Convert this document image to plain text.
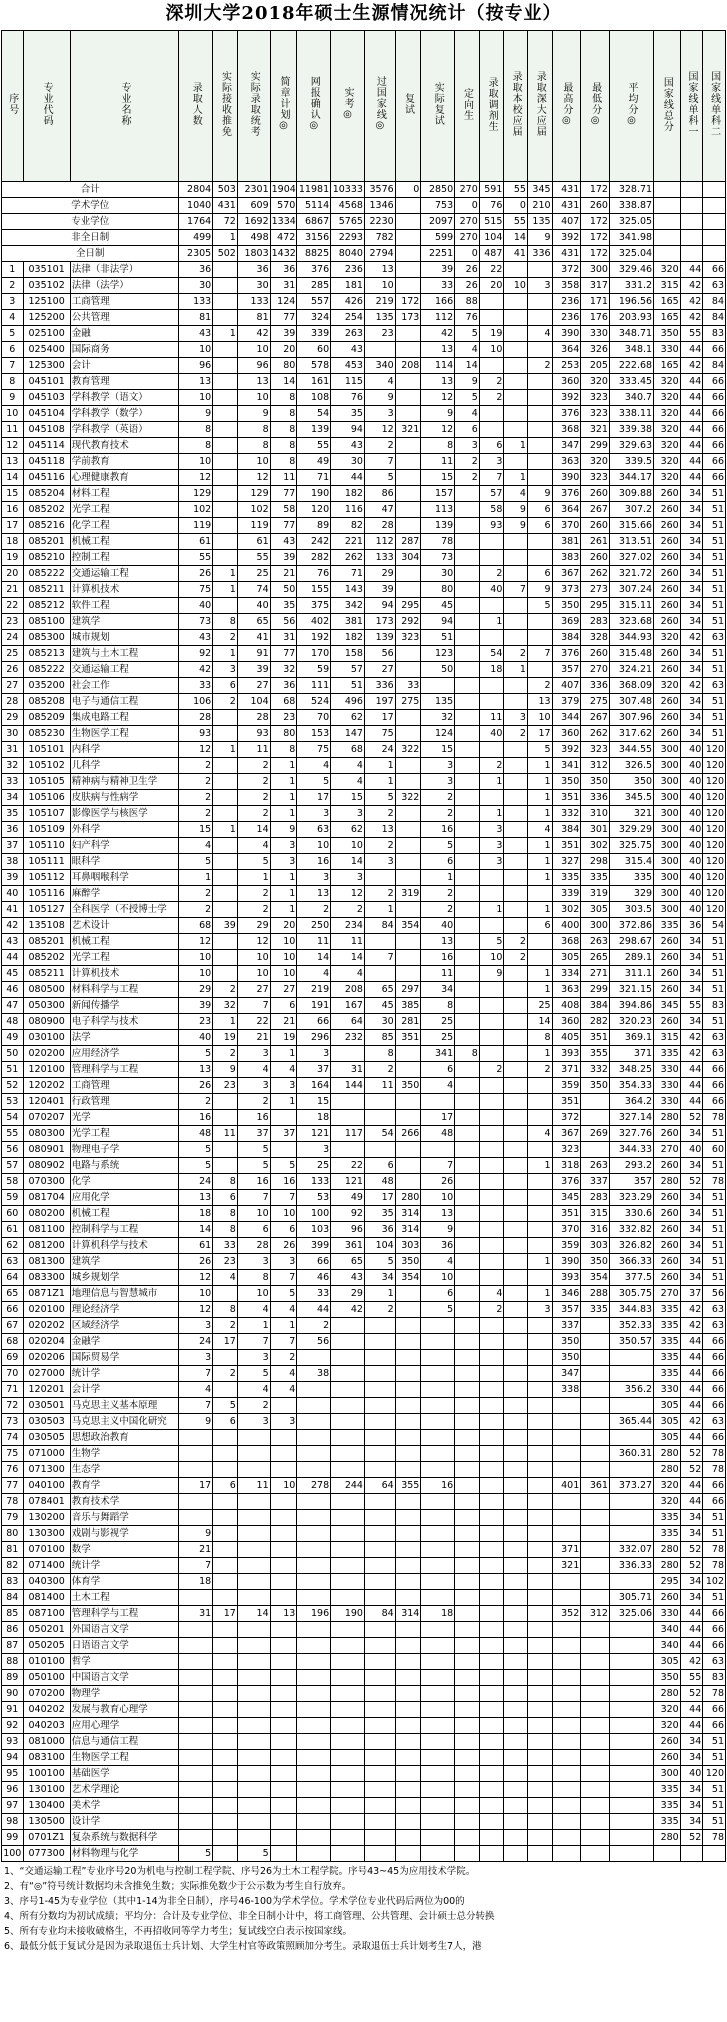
深圳大学2018年硕士生源情况统计（按专业）
序号	专业代码	专业名称	录取人数	实际接收推免	实际录取统考	简章计划◎	网报确认◎	实考◎	过国家线◎	复试	实际复试	定向生	录取调剂生	录取本校应届	录取深大应届	最高分◎	最低分◎	平均分◎	国家线总分	国家线单科一	国家线单科二
合计			2804	503	2301	1904	11981	10333	3576	0	2850	270	591	55	345	431	172	328.71			
学术学位			1040	431	609	570	5114	4568	1346		753	0	76	0	210	431	260	338.87			
专业学位			1764	72	1692	1334	6867	5765	2230		2097	270	515	55	135	407	172	325.05			
非全日制			499	1	498	472	3156	2293	782		599	270	104	14	9	392	172	341.98			
全日制			2305	502	1803	1432	8825	8040	2794		2251	0	487	41	336	431	172	325.04			
1	035101	法律（非法学）	36		36	36	376	236	13		39	26	22			372	300	329.46	320	44	66
2	035102	法律（法学）	30		30	31	285	181	10		33	26	20	10	3	358	317	331.2	315	42	63
3	125100	工商管理	133		133	124	557	426	219	172	166	88				236	171	196.56	165	42	84
4	125200	公共管理	81		81	77	324	254	135	173	112	76				236	176	203.93	165	42	84
5	025100	金融	43	1	42	39	339	263	23		42	5	19		4	390	330	348.71	350	55	83
6	025400	国际商务	10		10	20	60	43			13	4	10			364	326	348.1	330	44	66
7	125300	会计	96		96	80	578	453	340	208	114	14			2	253	205	222.68	165	42	84
8	045101	教育管理	13		13	14	161	115	4		13	9	2			360	320	333.45	320	44	66
9	045103	学科教学（语文）	10		10	8	108	76	9		12	5	2			392	323	340.7	320	44	66
10	045104	学科教学（数学）	9		9	8	54	35	3		9	4				376	323	338.11	320	44	66
11	045108	学科教学（英语）	8		8	8	139	94	12	321	12	6				368	321	339.38	320	44	66
12	045114	现代教育技术	8		8	8	55	43	2		8	3	6	1		347	299	329.63	320	44	66
13	045118	学前教育	10		10	8	49	30	7		11	2	3			363	320	339.5	320	44	66
14	045116	心理健康教育	12		12	11	71	44	5		15	2	7	1		390	323	344.17	320	44	66
15	085204	材料工程	129		129	77	190	182	86		157		57	4	9	376	260	309.88	260	34	51
16	085202	光学工程	102		102	58	120	116	47		113		58	9	6	364	267	307.2	260	34	51
17	085216	化学工程	119		119	77	89	82	28		139		93	9	6	370	260	315.66	260	34	51
18	085201	机械工程	61		61	43	242	221	112	287	78					381	261	313.51	260	34	51
19	085210	控制工程	55		55	39	282	262	133	304	73					383	260	327.02	260	34	51
20	085222	交通运输工程	26	1	25	21	76	71	29		30		2		6	367	262	321.72	260	34	51
21	085211	计算机技术	75	1	74	50	155	143	39		80		40	7	9	373	273	307.24	260	34	51
22	085212	软件工程	40		40	35	375	342	94	295	45				5	350	295	315.11	260	34	51
23	085100	建筑学	73	8	65	56	402	381	173	292	94		1			369	283	323.68	260	34	51
24	085300	城市规划	43	2	41	31	192	182	139	323	51					384	328	344.93	320	42	63
25	085213	建筑与土木工程	92	1	91	77	170	158	56		123		54	2	7	376	260	315.48	260	34	51
26	085222	交通运输工程	42	3	39	32	59	57	27		50		18	1		357	270	324.21	260	34	51
27	035200	社会工作	33	6	27	36	111	51	336	33					2	407	336	368.09	320	42	63
28	085208	电子与通信工程	106	2	104	68	524	496	197	275	135				13	379	275	307.48	260	34	51
29	085209	集成电路工程	28		28	23	70	62	17		32		11	3	10	344	267	307.96	260	34	51
30	085230	生物医学工程	93		93	80	153	147	75		124		40	2	17	360	262	317.62	260	34	51
31	105101	内科学	12	1	11	8	75	68	24	322	15				5	392	323	344.55	300	40	120
32	105102	儿科学	2		2	1	4	4	1		3		2		1	341	312	326.5	300	40	120
33	105105	精神病与精神卫生学	2		2	1	5	4	1		3		1		1	350	350	350	300	40	120
34	105106	皮肤病与性病学	2		2	1	17	15	5	322	2				1	351	336	345.5	300	40	120
35	105107	影像医学与核医学	2		2	1	3	3	2		2		1		1	332	310	321	300	40	120
36	105109	外科学	15	1	14	9	63	62	13		16		3		4	384	301	329.29	300	40	120
37	105110	妇产科学	4		4	3	10	10	2		5		3		1	351	302	325.75	300	40	120
38	105111	眼科学	5		5	3	16	14	3		6		3		1	327	298	315.4	300	40	120
39	105112	耳鼻咽喉科学	1		1	1	3	3			1				1	335	335	335	300	40	120
40	105116	麻醉学	2		2	1	13	12	2	319	2					339	319	329	300	40	120
41	105127	全科医学（不授博士学	2		2	1	2	2	1		2		1		1	302	305	303.5	300	40	120
42	135108	艺术设计	68	39	29	20	250	234	84	354	40				6	400	300	372.86	335	36	54
43	085201	机械工程	12		12	10	11	11			13		5	2		368	263	298.67	260	34	51
44	085202	光学工程	10		10	10	14	14	7		16		10	2		305	265	289.1	260	34	51
45	085211	计算机技术	10		10	10	4	4			11		9		1	334	271	311.1	260	34	51
46	080500	材料科学与工程	29	2	27	27	219	208	65	297	34				1	363	299	321.15	260	34	51
47	050300	新闻传播学	39	32	7	6	191	167	45	385	8				25	408	384	394.86	345	55	83
48	080900	电子科学与技术	23	1	22	21	66	64	30	281	25				14	360	282	320.23	260	34	51
49	030100	法学	40	19	21	19	296	232	85	351	25				8	405	351	369.1	315	42	63
50	020200	应用经济学	5	2	3	1	3		8		341	8			1	393	355	371	335	42	63
51	120100	管理科学与工程	13	9	4	4	37	31	2		6		2		2	371	332	348.25	330	44	66
52	120202	工商管理	26	23	3	3	164	144	11	350	4					359	350	354.33	330	44	66
53	120401	行政管理	2		2	1	15									351		364.2	330	44	66
54	070207	光学	16		16		18				17					372		327.14	280	52	78
55	080300	光学工程	48	11	37	37	121	117	54	266	48				4	367	269	327.76	260	34	51
56	080901	物理电子学	5		5		3									323		344.33	270	40	60
57	080902	电路与系统	5		5	5	25	22	6		7				1	318	263	293.2	260	34	51
58	070300	化学	24	8	16	16	133	121	48		26					376	337	357	280	52	78
59	081704	应用化学	13	6	7	7	53	49	17	280	10					345	283	323.29	260	34	51
60	080200	机械工程	18	8	10	10	100	92	35	314	13					351	315	330.6	260	34	51
61	081100	控制科学与工程	14	8	6	6	103	96	36	314	9					370	316	332.82	260	34	51
62	081200	计算机科学与技术	61	33	28	26	399	361	104	303	36					359	303	326.82	260	34	51
63	081300	建筑学	26	23	3	3	66	65	5	350	4				1	390	350	366.33	260	34	51
64	083300	城乡规划学	12	4	8	7	46	43	34	354	10					393	354	377.5	260	34	51
65	0871Z1	地理信息与智慧城市	10		10	5	33	29	1		6		4		1	346	288	305.75	270	37	56
66	020100	理论经济学	12	8	4	4	44	42	2		5		2		3	357	335	344.83	335	42	63
67	020202	区域经济学	3	2	1	1	2									337		352.33	335	42	63
68	020204	金融学	24	17	7	7	56									350		350.57	335	44	66
69	020206	国际贸易学	3		3	2										350			335	44	66
70	027000	统计学	7	2	5	4	38									347			335	44	66
71	120201	会计学	4		4	4										338		356.2	330	44	66
72	030501	马克思主义基本原理	7	5	2														305	44	66
73	030503	马克思主义中国化研究	9	6	3	3												365.44	305	42	63
74	030505	思想政治教育																	305	44	66
75	071000	生物学																360.31	280	52	78
76	071300	生态学																	280	52	78
77	040100	教育学	17	6	11	10	278	244	64	355	16					401	361	373.27	320	44	66
78	078401	教育技术学																	320	44	66
79	130200	音乐与舞蹈学																	335	34	51
80	130300	戏剧与影视学	9																335	34	51
81	070100	数学	21													371		332.07	280	52	78
82	071400	统计学	7													321		336.33	280	52	78
83	040300	体育学	18																295	34	102
84	081400	土木工程																305.71	260	34	51
85	087100	管理科学与工程	31	17	14	13	196	190	84	314	18					352	312	325.06	330	44	66
86	050201	外国语言文学																	340	44	66
87	050205	日语语言文学																	340	44	66
88	010100	哲学																	305	42	63
89	050100	中国语言文学																	350	55	83
90	070200	物理学																	280	52	78
91	040202	发展与教育心理学																	320	44	66
92	040203	应用心理学																	320	44	66
93	081000	信息与通信工程																	260	34	51
94	083100	生物医学工程																	260	34	51
95	100100	基础医学																	300	40	120
96	130100	艺术学理论																	335	34	51
97	130400	美术学																	335	34	51
98	130500	设计学																	335	34	51
99	0701Z1	复杂系统与数据科学																	280	52	78
100	077300	材料物理与化学	5		5																
1、“交通运输工程”专业序号20为机电与控制工程学院、序号26为土木工程学院。序号43~45为应用技术学院。
2、有“◎”符号统计数据均未含推免生数；实际推免数少于公示数为考生自行放弃。
3、序号1-45为专业学位（其中1-14为非全日制），序号46-100为学术学位。学术学位专业代码后两位为00的
4、所有分数均为初试成绩；平均分：合计及专业学位、非全日制小计中，将工商管理、公共管理、会计硕士总分转换
5、所有专业均未接收破格生，不再招收同等学力考生；复试线空白表示按国家线。
6、最低分低于复试分是因为录取退伍士兵计划、大学生村官等政策照顾加分考生。录取退伍士兵计划考生7人，港
